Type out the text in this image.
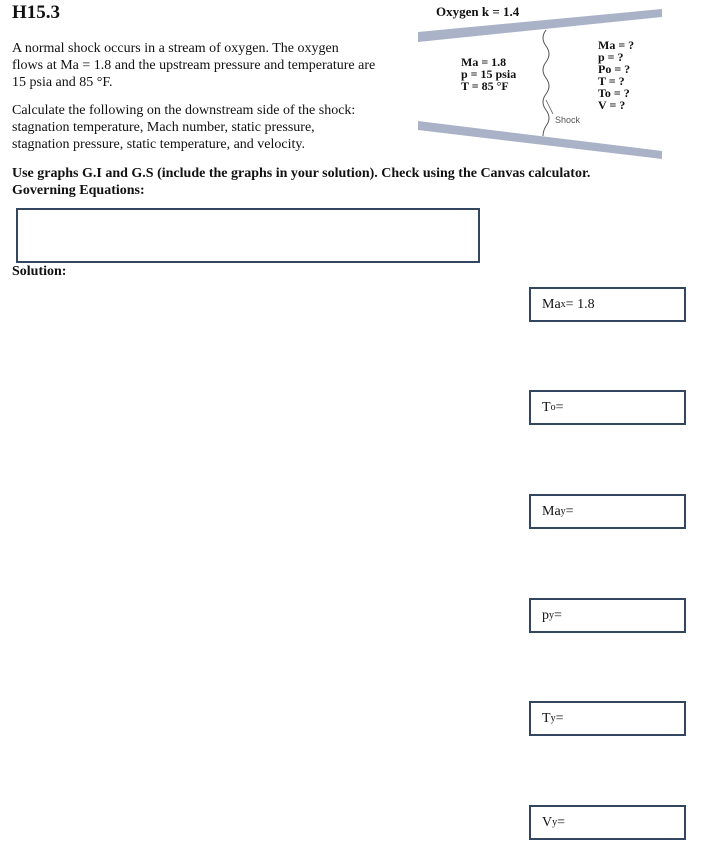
H15.3
A normal shock occurs in a stream of oxygen. The oxygen
flows at Ma = 1.8 and the upstream pressure and temperature are
15 psia and 85 °F.
Calculate the following on the downstream side of the shock:
stagnation temperature, Mach number, static pressure,
stagnation pressure, static temperature, and velocity.
Oxygen k = 1.4
Ma = 1.8
p = 15 psia
T = 85 °F
Shock
Ma = ?
p = ?
Po = ?
T = ?
To = ?
V = ?
Use graphs G.I and G.S (include the graphs in your solution). Check using the Canvas calculator.
Governing Equations:
Solution:
Ma x = 1.8
T o =
Ma y =
p y =
T y =
V y =
